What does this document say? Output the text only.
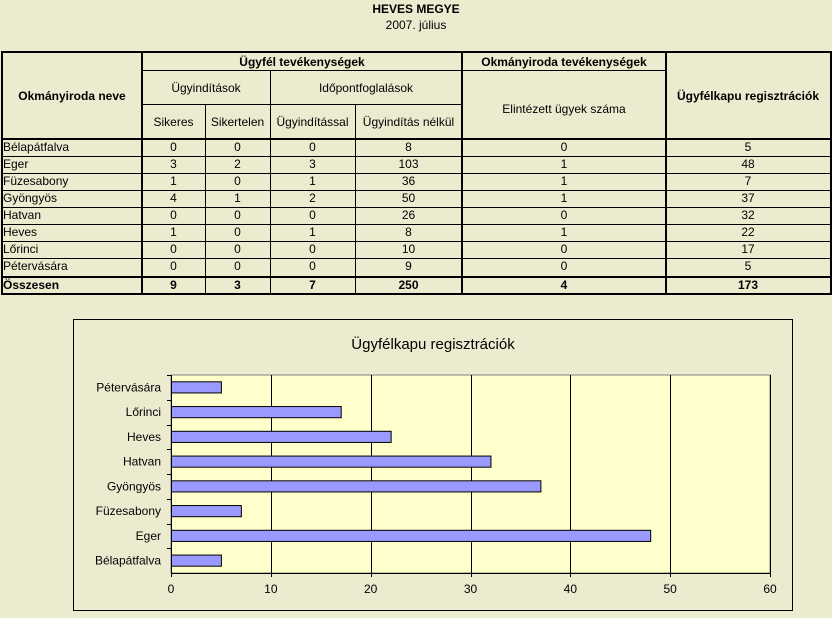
HEVES MEGYE
2007. július
Okmányiroda neve
Ügyfél tevékenységek
Ügyindítások	Időpontfoglalások
Sikeres	Sikertelen	Ügyindítással	Ügyindítás nélkül
Okmányiroda tevékenységek
Elintézett ügyek száma
Ügyfélkapu regisztrációk
Bélapátfalva	0	0	0	8	0	5
Eger	3	2	3	103	1	48
Füzesabony	1	0	1	36	1	7
Gyöngyös	4	1	2	50	1	37
Hatvan	0	0	0	26	0	32
Heves	1	0	1	8	1	22
Lőrinci	0	0	0	10	0	17
Pétervására	0	0	0	9	0	5
Összesen	9	3	7	250	4	173
Ügyfélkapu regisztrációk
0	10	20	30	40	50	60
Pétervására
Lőrinci
Heves
Hatvan
Gyöngyös
Füzesabony
Eger
Bélapátfalva
